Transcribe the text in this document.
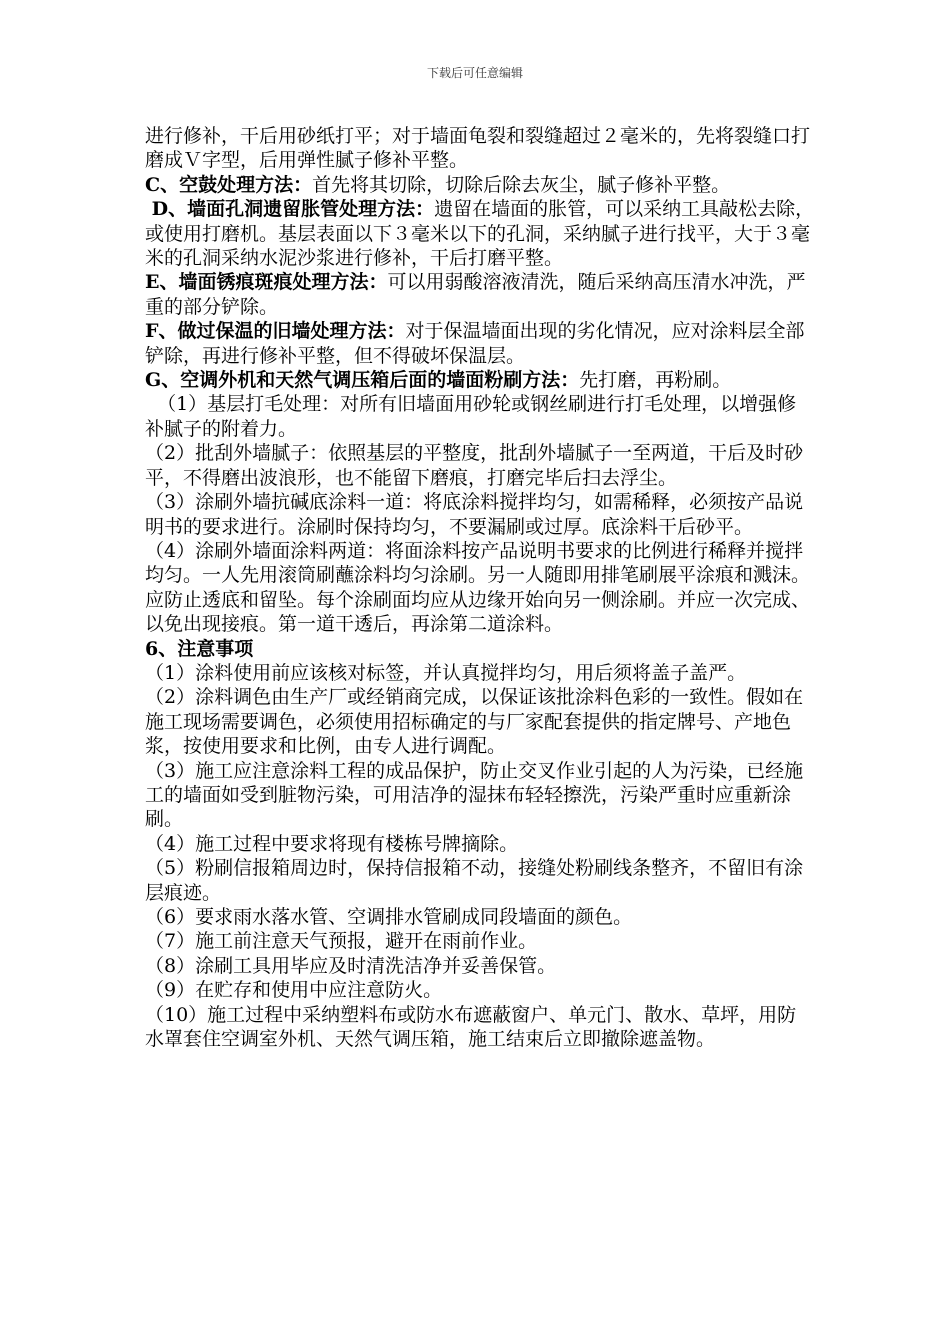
下载后可任意编辑

进行修补，干后用砂纸打平；对于墙面龟裂和裂缝超过２毫米的，先将裂缝口打磨成Ｖ字型，后用弹性腻子修补平整。

C、空鼓处理方法：首先将其切除，切除后除去灰尘，腻子修补平整。

D、墙面孔洞遗留胀管处理方法：遗留在墙面的胀管，可以采纳工具敲松去除，或使用打磨机。基层表面以下３毫米以下的孔洞，采纳腻子进行找平，大于３毫米的孔洞采纳水泥沙浆进行修补，干后打磨平整。

E、墙面锈痕斑痕处理方法：可以用弱酸溶液清洗，随后采纳高压清水冲洗，严重的部分铲除。

F、做过保温的旧墙处理方法：对于保温墙面出现的劣化情况，应对涂料层全部铲除，再进行修补平整，但不得破坏保温层。

G、空调外机和天然气调压箱后面的墙面粉刷方法：先打磨，再粉刷。

（1）基层打毛处理：对所有旧墙面用砂轮或钢丝刷进行打毛处理，以增强修补腻子的附着力。

（2）批刮外墙腻子：依照基层的平整度，批刮外墙腻子一至两道，干后及时砂平，不得磨出波浪形，也不能留下磨痕，打磨完毕后扫去浮尘。

（3）涂刷外墙抗碱底涂料一道：将底涂料搅拌均匀，如需稀释，必须按产品说明书的要求进行。涂刷时保持均匀，不要漏刷或过厚。底涂料干后砂平。

（4）涂刷外墙面涂料两道：将面涂料按产品说明书要求的比例进行稀释并搅拌均匀。一人先用滚筒刷蘸涂料均匀涂刷。另一人随即用排笔刷展平涂痕和溅沫。应防止透底和留坠。每个涂刷面均应从边缘开始向另一侧涂刷。并应一次完成、以免出现接痕。第一道干透后，再涂第二道涂料。

6、注意事项

（1）涂料使用前应该核对标签，并认真搅拌均匀，用后须将盖子盖严。

（2）涂料调色由生产厂或经销商完成，以保证该批涂料色彩的一致性。假如在施工现场需要调色，必须使用招标确定的与厂家配套提供的指定牌号、产地色浆，按使用要求和比例，由专人进行调配。

（3）施工应注意涂料工程的成品保护，防止交叉作业引起的人为污染，已经施工的墙面如受到脏物污染，可用洁净的湿抹布轻轻擦洗，污染严重时应重新涂刷。

（4）施工过程中要求将现有楼栋号牌摘除。

（5）粉刷信报箱周边时，保持信报箱不动，接缝处粉刷线条整齐，不留旧有涂层痕迹。

（6）要求雨水落水管、空调排水管刷成同段墙面的颜色。

（7）施工前注意天气预报，避开在雨前作业。

（8）涂刷工具用毕应及时清洗洁净并妥善保管。

（9）在贮存和使用中应注意防火。

（10）施工过程中采纳塑料布或防水布遮蔽窗户、单元门、散水、草坪，用防水罩套住空调室外机、天然气调压箱，施工结束后立即撤除遮盖物。
